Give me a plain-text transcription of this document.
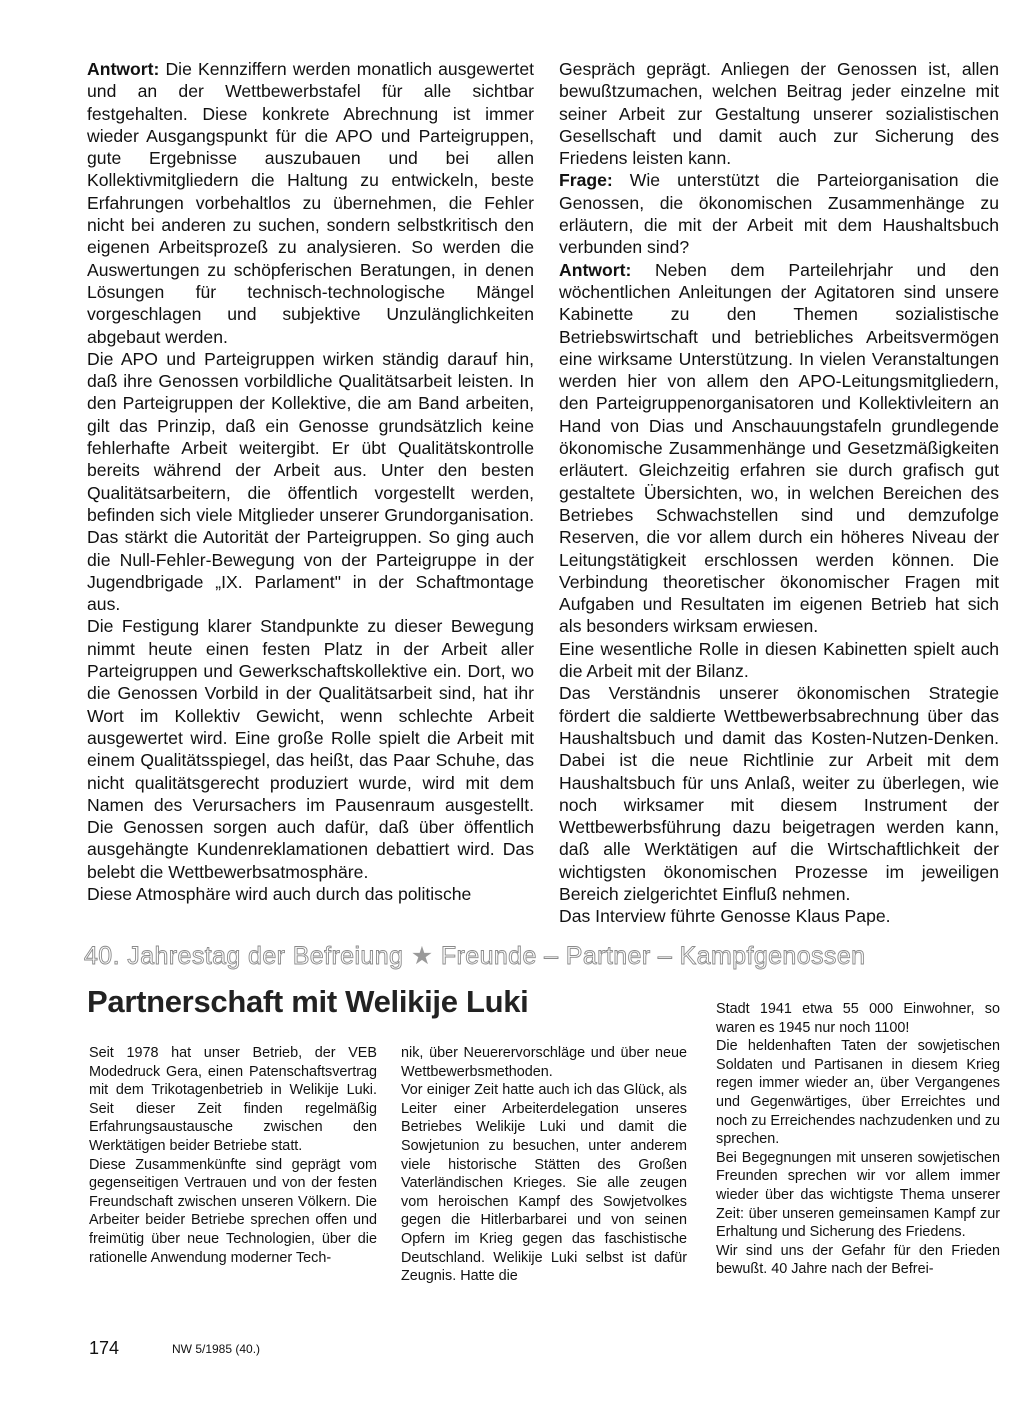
Antwort: Die Kennziffern werden monatlich ausgewertet und an der Wettbewerbstafel für alle sichtbar festgehalten. Diese konkrete Abrechnung ist immer wieder Ausgangspunkt für die APO und Parteigruppen, gute Ergebnisse auszubauen und bei allen Kollektivmitgliedern die Haltung zu entwickeln, beste Erfahrungen vorbehaltlos zu übernehmen, die Fehler nicht bei anderen zu suchen, sondern selbstkritisch den eigenen Arbeitsprozeß zu analysieren. So werden die Auswertungen zu schöpferischen Beratungen, in denen Lösungen für technisch-technologische Mängel vorgeschlagen und subjektive Unzulänglichkeiten abgebaut werden.

Die APO und Parteigruppen wirken ständig darauf hin, daß ihre Genossen vorbildliche Qualitätsarbeit leisten. In den Parteigruppen der Kollektive, die am Band arbeiten, gilt das Prinzip, daß ein Genosse grundsätzlich keine fehlerhafte Arbeit weitergibt. Er übt Qualitätskontrolle bereits während der Arbeit aus. Unter den besten Qualitätsarbeitern, die öffentlich vorgestellt werden, befinden sich viele Mitglieder unserer Grundorganisation. Das stärkt die Autorität der Parteigruppen. So ging auch die Null-Fehler-Bewegung von der Parteigruppe in der Jugendbrigade „IX. Parlament" in der Schaftmontage aus.

Die Festigung klarer Standpunkte zu dieser Bewegung nimmt heute einen festen Platz in der Arbeit aller Parteigruppen und Gewerkschaftskollektive ein. Dort, wo die Genossen Vorbild in der Qualitätsarbeit sind, hat ihr Wort im Kollektiv Gewicht, wenn schlechte Arbeit ausgewertet wird. Eine große Rolle spielt die Arbeit mit einem Qualitätsspiegel, das heißt, das Paar Schuhe, das nicht qualitätsgerecht produziert wurde, wird mit dem Namen des Verursachers im Pausenraum ausgestellt. Die Genossen sorgen auch dafür, daß über öffentlich ausgehängte Kundenreklamationen debattiert wird. Das belebt die Wettbewerbsatmosphäre.

Diese Atmosphäre wird auch durch das politische

Gespräch geprägt. Anliegen der Genossen ist, allen bewußtzumachen, welchen Beitrag jeder einzelne mit seiner Arbeit zur Gestaltung unserer sozialistischen Gesellschaft und damit auch zur Sicherung des Friedens leisten kann.

Frage: Wie unterstützt die Parteiorganisation die Genossen, die ökonomischen Zusammenhänge zu erläutern, die mit der Arbeit mit dem Haushaltsbuch verbunden sind?

Antwort: Neben dem Parteilehrjahr und den wöchentlichen Anleitungen der Agitatoren sind unsere Kabinette zu den Themen sozialistische Betriebswirtschaft und betriebliches Arbeitsvermögen eine wirksame Unterstützung. In vielen Veranstaltungen werden hier von allem den APO-Leitungsmitgliedern, den Parteigruppenorganisatoren und Kollektivleitern an Hand von Dias und Anschauungstafeln grundlegende ökonomische Zusammenhänge und Gesetzmäßigkeiten erläutert. Gleichzeitig erfahren sie durch grafisch gut gestaltete Übersichten, wo, in welchen Bereichen des Betriebes Schwachstellen sind und demzufolge Reserven, die vor allem durch ein höheres Niveau der Leitungstätigkeit erschlossen werden können. Die Verbindung theoretischer ökonomischer Fragen mit Aufgaben und Resultaten im eigenen Betrieb hat sich als besonders wirksam erwiesen.

Eine wesentliche Rolle in diesen Kabinetten spielt auch die Arbeit mit der Bilanz.

Das Verständnis unserer ökonomischen Strategie fördert die saldierte Wettbewerbsabrechnung über das Haushaltsbuch und damit das Kosten-Nutzen-Denken. Dabei ist die neue Richtlinie zur Arbeit mit dem Haushaltsbuch für uns Anlaß, weiter zu überlegen, wie noch wirksamer mit diesem Instrument der Wettbewerbsführung dazu beigetragen werden kann, daß alle Werktätigen auf die Wirtschaftlichkeit der wichtigsten ökonomischen Prozesse im jeweiligen Bereich zielgerichtet Einfluß nehmen.

Das Interview führte Genosse Klaus Pape.

40. Jahrestag der Befreiung ★ Freunde – Partner – Kampfgenossen
Partnerschaft mit Welikije Luki

Seit 1978 hat unser Betrieb, der VEB Modedruck Gera, einen Patenschaftsvertrag mit dem Trikotagenbetrieb in Welikije Luki. Seit dieser Zeit finden regelmäßig Erfahrungsaustausche zwischen den Werktätigen beider Betriebe statt.

Diese Zusammenkünfte sind geprägt vom gegenseitigen Vertrauen und von der festen Freundschaft zwischen unseren Völkern. Die Arbeiter beider Betriebe sprechen offen und freimütig über neue Technologien, über die rationelle Anwendung moderner Tech-

nik, über Neuerervorschläge und über neue Wettbewerbsmethoden.

Vor einiger Zeit hatte auch ich das Glück, als Leiter einer Arbeiterdelegation unseres Betriebes Welikije Luki und damit die Sowjetunion zu besuchen, unter anderem viele historische Stätten des Großen Vaterländischen Krieges. Sie alle zeugen vom heroischen Kampf des Sowjetvolkes gegen die Hitlerbarbarei und von seinen Opfern im Krieg gegen das faschistische Deutschland. Welikije Luki selbst ist dafür Zeugnis. Hatte die

Stadt 1941 etwa 55 000 Einwohner, so waren es 1945 nur noch 1100!

Die heldenhaften Taten der sowjetischen Soldaten und Partisanen in diesem Krieg regen immer wieder an, über Vergangenes und Gegenwärtiges, über Erreichtes und noch zu Erreichendes nachzudenken und zu sprechen.

Bei Begegnungen mit unseren sowjetischen Freunden sprechen wir vor allem immer wieder über das wichtigste Thema unserer Zeit: über unseren gemeinsamen Kampf zur Erhaltung und Sicherung des Friedens.

Wir sind uns der Gefahr für den Frieden bewußt. 40 Jahre nach der Befrei-

174	NW 5/1985 (40.)
